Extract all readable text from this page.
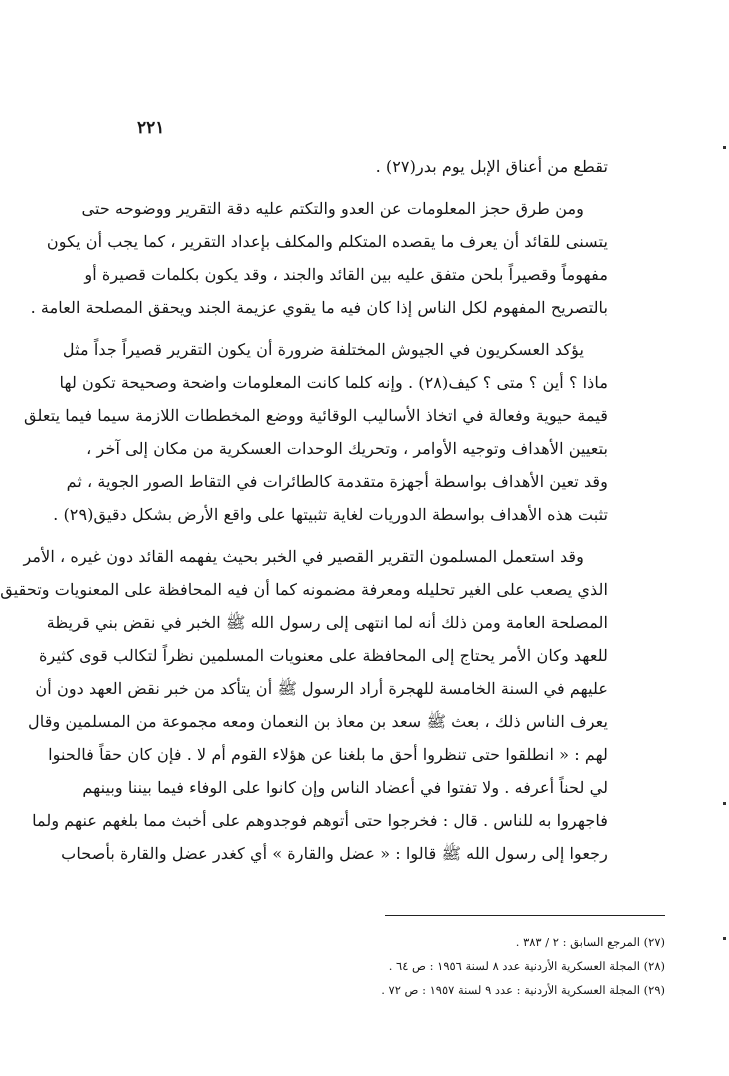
٢٢١
تقطع من أعناق الإبل يوم بدر(٢٧) .
ومن طرق حجز المعلومات عن العدو والتكتم عليه دقة التقرير ووضوحه حتى
يتسنى للقائد أن يعرف ما يقصده المتكلم والمكلف بإعداد التقرير ، كما يجب أن يكون
مفهوماً وقصيراً بلحن متفق عليه بين القائد والجند ، وقد يكون بكلمات قصيرة أو
بالتصريح المفهوم لكل الناس إذا كان فيه ما يقوي عزيمة الجند ويحقق المصلحة العامة .
يؤكد العسكريون في الجيوش المختلفة ضرورة أن يكون التقرير قصيراً جداً مثل
ماذا ؟ أين ؟ متى ؟ كيف(٢٨) . وإنه كلما كانت المعلومات واضحة وصحيحة تكون لها
قيمة حيوية وفعالة في اتخاذ الأساليب الوقائية ووضع المخططات اللازمة سيما فيما يتعلق
بتعيين الأهداف وتوجيه الأوامر ، وتحريك الوحدات العسكرية من مكان إلى آخر ،
وقد تعين الأهداف بواسطة أجهزة متقدمة كالطائرات في التقاط الصور الجوية ، ثم
تثبت هذه الأهداف بواسطة الدوريات لغاية تثبيتها على واقع الأرض بشكل دقيق(٢٩) .
وقد استعمل المسلمون التقرير القصير في الخبر بحيث يفهمه القائد دون غيره ، الأمر
الذي يصعب على الغير تحليله ومعرفة مضمونه كما أن فيه المحافظة على المعنويات وتحقيق
المصلحة العامة ومن ذلك أنه لما انتهى إلى رسول الله ﷺ الخبر في نقض بني قريظة
للعهد وكان الأمر يحتاج إلى المحافظة على معنويات المسلمين نظراً لتكالب قوى كثيرة
عليهم في السنة الخامسة للهجرة أراد الرسول ﷺ أن يتأكد من خبر نقض العهد دون أن
يعرف الناس ذلك ، بعث ﷺ سعد بن معاذ بن النعمان ومعه مجموعة من المسلمين وقال
لهم : « انطلقوا حتى تنظروا أحق ما بلغنا عن هؤلاء القوم أم لا . فإن كان حقاً فالحنوا
لي لحناً أعرفه . ولا تفتوا في أعضاد الناس وإن كانوا على الوفاء فيما بيننا وبينهم
فاجهروا به للناس . قال : فخرجوا حتى أتوهم فوجدوهم على أخبث مما بلغهم عنهم ولما
رجعوا إلى رسول الله ﷺ قالوا : « عضل والقارة » أي كغدر عضل والقارة بأصحاب
(٢٧) المرجع السابق : ٢ / ٣٨٣ .
(٢٨) المجلة العسكرية الأردنية عدد ٨ لسنة ١٩٥٦ : ص ٦٤ .
(٢٩) المجلة العسكرية الأردنية : عدد ٩ لسنة ١٩٥٧ : ص ٧٢ .
